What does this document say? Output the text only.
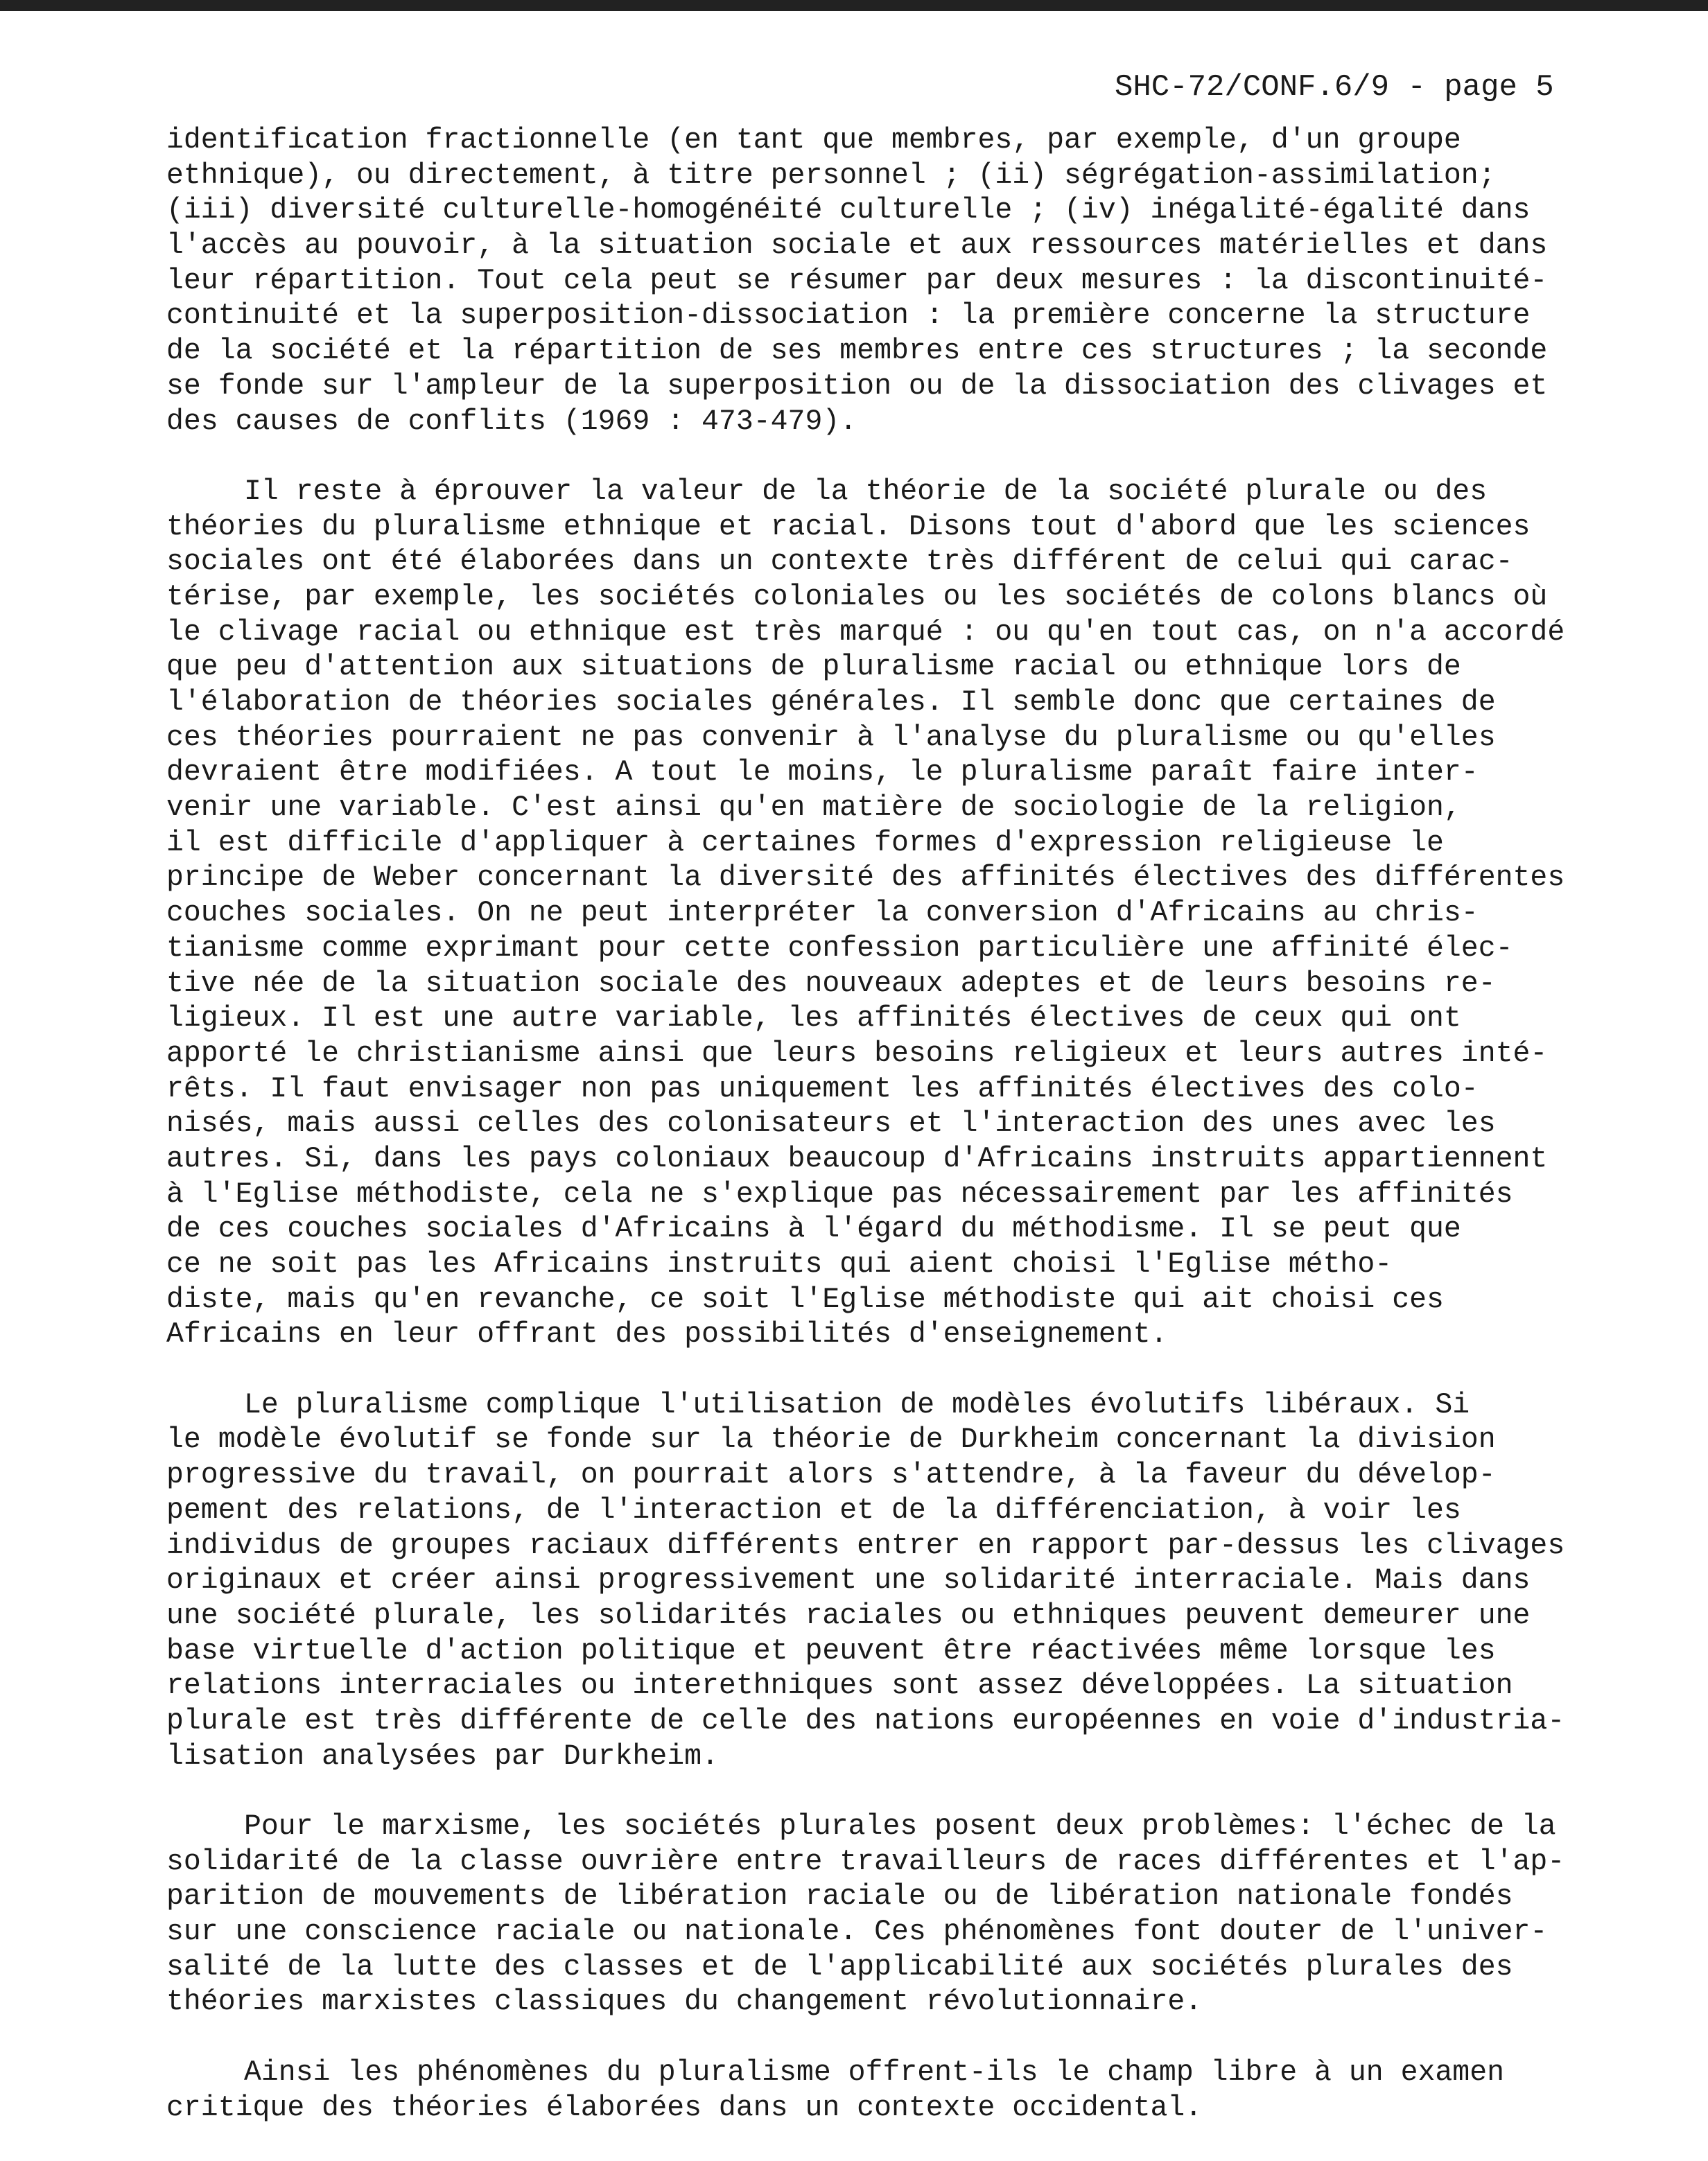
SHC-72/CONF.6/9 - page 5
identification fractionnelle (en tant que membres, par exemple, d'un groupe
ethnique), ou directement, à titre personnel ; (ii) ségrégation-assimilation;
(iii) diversité culturelle-homogénéité culturelle ; (iv) inégalité-égalité dans
l'accès au pouvoir, à la situation sociale et aux ressources matérielles et dans
leur répartition. Tout cela peut se résumer par deux mesures : la discontinuité-
continuité et la superposition-dissociation : la première concerne la structure
de la société et la répartition de ses membres entre ces structures ; la seconde
se fonde sur l'ampleur de la superposition ou de la dissociation des clivages et
des causes de conflits (1969 : 473-479).
Il reste à éprouver la valeur de la théorie de la société plurale ou des
théories du pluralisme ethnique et racial. Disons tout d'abord que les sciences
sociales ont été élaborées dans un contexte très différent de celui qui carac-
térise, par exemple, les sociétés coloniales ou les sociétés de colons blancs où
le clivage racial ou ethnique est très marqué : ou qu'en tout cas, on n'a accordé
que peu d'attention aux situations de pluralisme racial ou ethnique lors de
l'élaboration de théories sociales générales. Il semble donc que certaines de
ces théories pourraient ne pas convenir à l'analyse du pluralisme ou qu'elles
devraient être modifiées. A tout le moins, le pluralisme paraît faire inter-
venir une variable. C'est ainsi qu'en matière de sociologie de la religion,
il est difficile d'appliquer à certaines formes d'expression religieuse le
principe de Weber concernant la diversité des affinités électives des différentes
couches sociales. On ne peut interpréter la conversion d'Africains au chris-
tianisme comme exprimant pour cette confession particulière une affinité élec-
tive née de la situation sociale des nouveaux adeptes et de leurs besoins re-
ligieux. Il est une autre variable, les affinités électives de ceux qui ont
apporté le christianisme ainsi que leurs besoins religieux et leurs autres inté-
rêts. Il faut envisager non pas uniquement les affinités électives des colo-
nisés, mais aussi celles des colonisateurs et l'interaction des unes avec les
autres. Si, dans les pays coloniaux beaucoup d'Africains instruits appartiennent
à l'Eglise méthodiste, cela ne s'explique pas nécessairement par les affinités
de ces couches sociales d'Africains à l'égard du méthodisme. Il se peut que
ce ne soit pas les Africains instruits qui aient choisi l'Eglise métho-
diste, mais qu'en revanche, ce soit l'Eglise méthodiste qui ait choisi ces
Africains en leur offrant des possibilités d'enseignement.
Le pluralisme complique l'utilisation de modèles évolutifs libéraux. Si
le modèle évolutif se fonde sur la théorie de Durkheim concernant la division
progressive du travail, on pourrait alors s'attendre, à la faveur du dévelop-
pement des relations, de l'interaction et de la différenciation, à voir les
individus de groupes raciaux différents entrer en rapport par-dessus les clivages
originaux et créer ainsi progressivement une solidarité interraciale. Mais dans
une société plurale, les solidarités raciales ou ethniques peuvent demeurer une
base virtuelle d'action politique et peuvent être réactivées même lorsque les
relations interraciales ou interethniques sont assez développées. La situation
plurale est très différente de celle des nations européennes en voie d'industria-
lisation analysées par Durkheim.
Pour le marxisme, les sociétés plurales posent deux problèmes: l'échec de la
solidarité de la classe ouvrière entre travailleurs de races différentes et l'ap-
parition de mouvements de libération raciale ou de libération nationale fondés
sur une conscience raciale ou nationale. Ces phénomènes font douter de l'univer-
salité de la lutte des classes et de l'applicabilité aux sociétés plurales des
théories marxistes classiques du changement révolutionnaire.
Ainsi les phénomènes du pluralisme offrent-ils le champ libre à un examen
critique des théories élaborées dans un contexte occidental.
